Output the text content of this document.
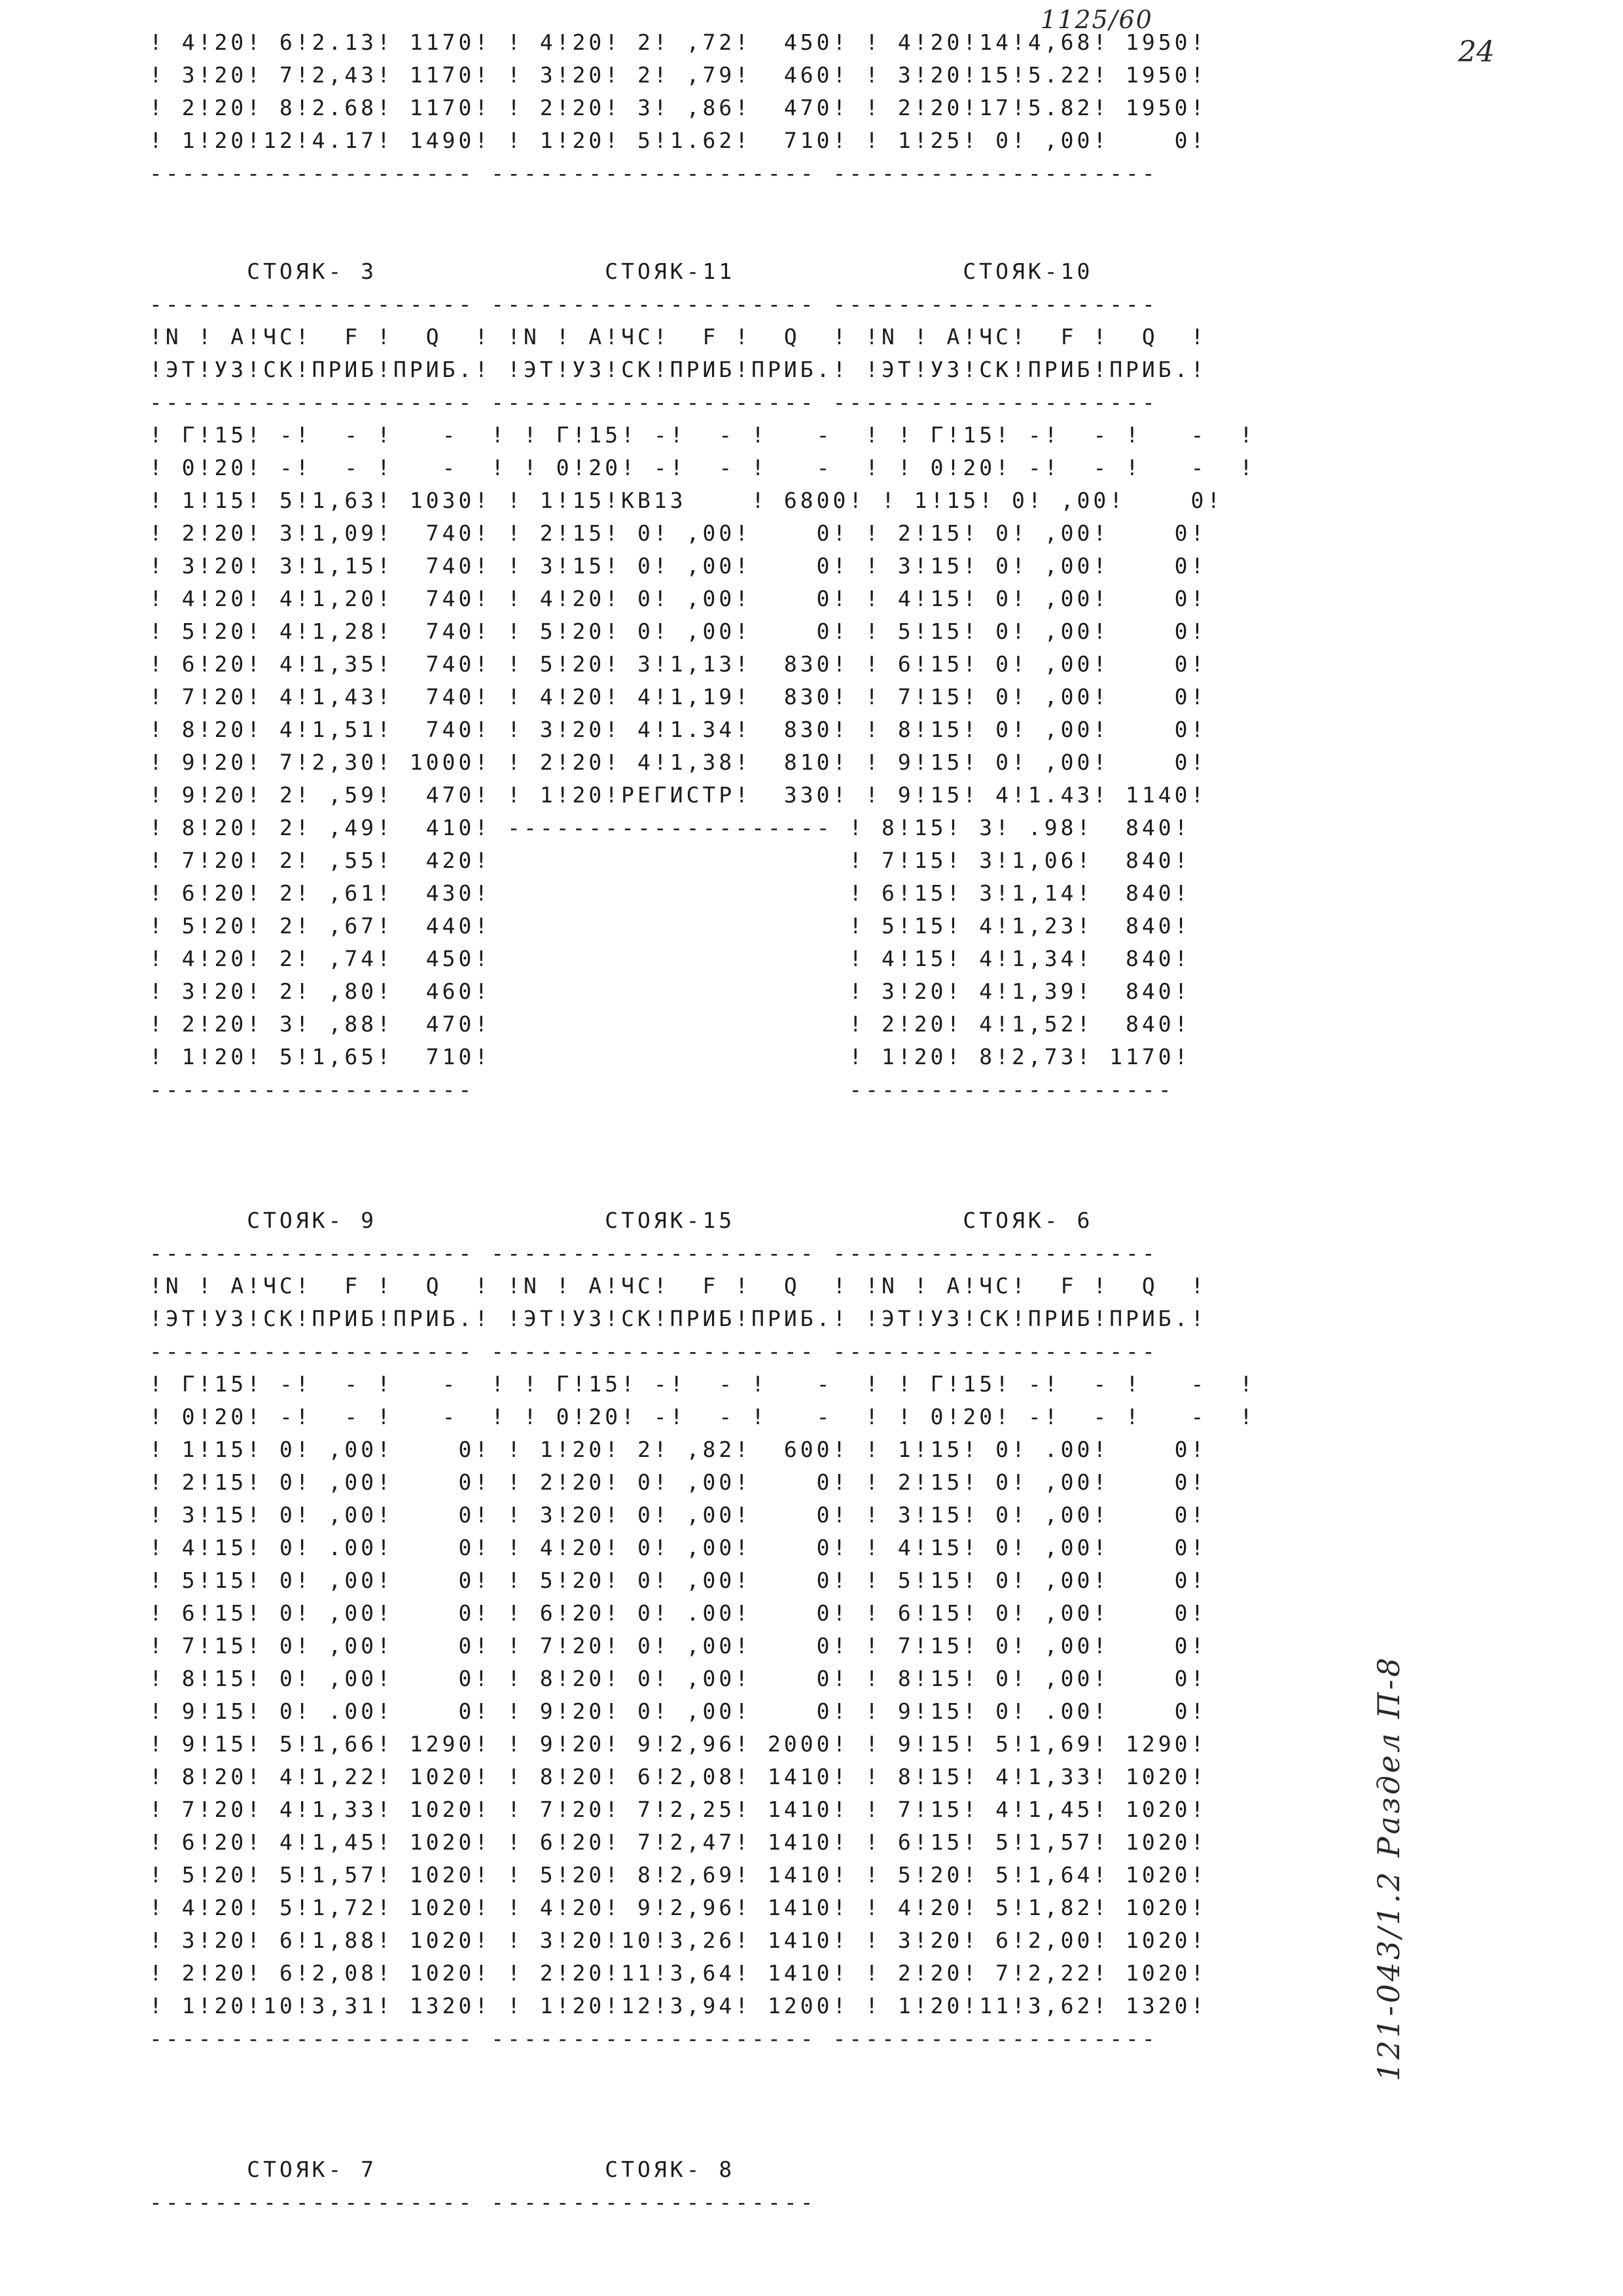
! 4!20! 6!2.13! 1170! ! 4!20! 2! ,72!  450! ! 4!20!14!4,68! 1950!
! 3!20! 7!2,43! 1170! ! 3!20! 2! ,79!  460! ! 3!20!15!5.22! 1950!
! 2!20! 8!2.68! 1170! ! 2!20! 3! ,86!  470! ! 2!20!17!5.82! 1950!
! 1!20!12!4.17! 1490! ! 1!20! 5!1.62!  710! ! 1!25! 0! ,00!    0!
-------------------- -------------------- --------------------
СТОЯК- 3              СТОЯК-11              СТОЯК-10
-------------------- -------------------- --------------------
!N ! А!ЧС!  F !  Q  ! !N ! А!ЧС!  F !  Q  ! !N ! А!ЧС!  F !  Q  !
!ЭТ!УЗ!СК!ПРИБ!ПРИБ.! !ЭТ!УЗ!СК!ПРИБ!ПРИБ.! !ЭТ!УЗ!СК!ПРИБ!ПРИБ.!
-------------------- -------------------- --------------------
! Г!15! -!  - !   -  ! ! Г!15! -!  - !   -  ! ! Г!15! -!  - !   -  !
! 0!20! -!  - !   -  ! ! 0!20! -!  - !   -  ! ! 0!20! -!  - !   -  !
! 1!15! 5!1,63! 1030! ! 1!15!КВ13    ! 6800! ! 1!15! 0! ,00!    0!
! 2!20! 3!1,09!  740! ! 2!15! 0! ,00!    0! ! 2!15! 0! ,00!    0!
! 3!20! 3!1,15!  740! ! 3!15! 0! ,00!    0! ! 3!15! 0! ,00!    0!
! 4!20! 4!1,20!  740! ! 4!20! 0! ,00!    0! ! 4!15! 0! ,00!    0!
! 5!20! 4!1,28!  740! ! 5!20! 0! ,00!    0! ! 5!15! 0! ,00!    0!
! 6!20! 4!1,35!  740! ! 5!20! 3!1,13!  830! ! 6!15! 0! ,00!    0!
! 7!20! 4!1,43!  740! ! 4!20! 4!1,19!  830! ! 7!15! 0! ,00!    0!
! 8!20! 4!1,51!  740! ! 3!20! 4!1.34!  830! ! 8!15! 0! ,00!    0!
! 9!20! 7!2,30! 1000! ! 2!20! 4!1,38!  810! ! 9!15! 0! ,00!    0!
! 9!20! 2! ,59!  470! ! 1!20!РЕГИСТР!  330! ! 9!15! 4!1.43! 1140!
! 8!20! 2! ,49!  410! -------------------- ! 8!15! 3! .98!  840!
! 7!20! 2! ,55!  420!                      ! 7!15! 3!1,06!  840!
! 6!20! 2! ,61!  430!                      ! 6!15! 3!1,14!  840!
! 5!20! 2! ,67!  440!                      ! 5!15! 4!1,23!  840!
! 4!20! 2! ,74!  450!                      ! 4!15! 4!1,34!  840!
! 3!20! 2! ,80!  460!                      ! 3!20! 4!1,39!  840!
! 2!20! 3! ,88!  470!                      ! 2!20! 4!1,52!  840!
! 1!20! 5!1,65!  710!                      ! 1!20! 8!2,73! 1170!
--------------------                       --------------------
СТОЯК- 9              СТОЯК-15              СТОЯК- 6
-------------------- -------------------- --------------------
!N ! А!ЧС!  F !  Q  ! !N ! А!ЧС!  F !  Q  ! !N ! А!ЧС!  F !  Q  !
!ЭТ!УЗ!СК!ПРИБ!ПРИБ.! !ЭТ!УЗ!СК!ПРИБ!ПРИБ.! !ЭТ!УЗ!СК!ПРИБ!ПРИБ.!
-------------------- -------------------- --------------------
! Г!15! -!  - !   -  ! ! Г!15! -!  - !   -  ! ! Г!15! -!  - !   -  !
! 0!20! -!  - !   -  ! ! 0!20! -!  - !   -  ! ! 0!20! -!  - !   -  !
! 1!15! 0! ,00!    0! ! 1!20! 2! ,82!  600! ! 1!15! 0! .00!    0!
! 2!15! 0! ,00!    0! ! 2!20! 0! ,00!    0! ! 2!15! 0! ,00!    0!
! 3!15! 0! ,00!    0! ! 3!20! 0! ,00!    0! ! 3!15! 0! ,00!    0!
! 4!15! 0! .00!    0! ! 4!20! 0! ,00!    0! ! 4!15! 0! ,00!    0!
! 5!15! 0! ,00!    0! ! 5!20! 0! ,00!    0! ! 5!15! 0! ,00!    0!
! 6!15! 0! ,00!    0! ! 6!20! 0! .00!    0! ! 6!15! 0! ,00!    0!
! 7!15! 0! ,00!    0! ! 7!20! 0! ,00!    0! ! 7!15! 0! ,00!    0!
! 8!15! 0! ,00!    0! ! 8!20! 0! ,00!    0! ! 8!15! 0! ,00!    0!
! 9!15! 0! .00!    0! ! 9!20! 0! ,00!    0! ! 9!15! 0! .00!    0!
! 9!15! 5!1,66! 1290! ! 9!20! 9!2,96! 2000! ! 9!15! 5!1,69! 1290!
! 8!20! 4!1,22! 1020! ! 8!20! 6!2,08! 1410! ! 8!15! 4!1,33! 1020!
! 7!20! 4!1,33! 1020! ! 7!20! 7!2,25! 1410! ! 7!15! 4!1,45! 1020!
! 6!20! 4!1,45! 1020! ! 6!20! 7!2,47! 1410! ! 6!15! 5!1,57! 1020!
! 5!20! 5!1,57! 1020! ! 5!20! 8!2,69! 1410! ! 5!20! 5!1,64! 1020!
! 4!20! 5!1,72! 1020! ! 4!20! 9!2,96! 1410! ! 4!20! 5!1,82! 1020!
! 3!20! 6!1,88! 1020! ! 3!20!10!3,26! 1410! ! 3!20! 6!2,00! 1020!
! 2!20! 6!2,08! 1020! ! 2!20!11!3,64! 1410! ! 2!20! 7!2,22! 1020!
! 1!20!10!3,31! 1320! ! 1!20!12!3,94! 1200! ! 1!20!11!3,62! 1320!
-------------------- -------------------- --------------------
СТОЯК- 7              СТОЯК- 8
-------------------- --------------------
1125/60
24
121-043/1.2 Раздел П-8
